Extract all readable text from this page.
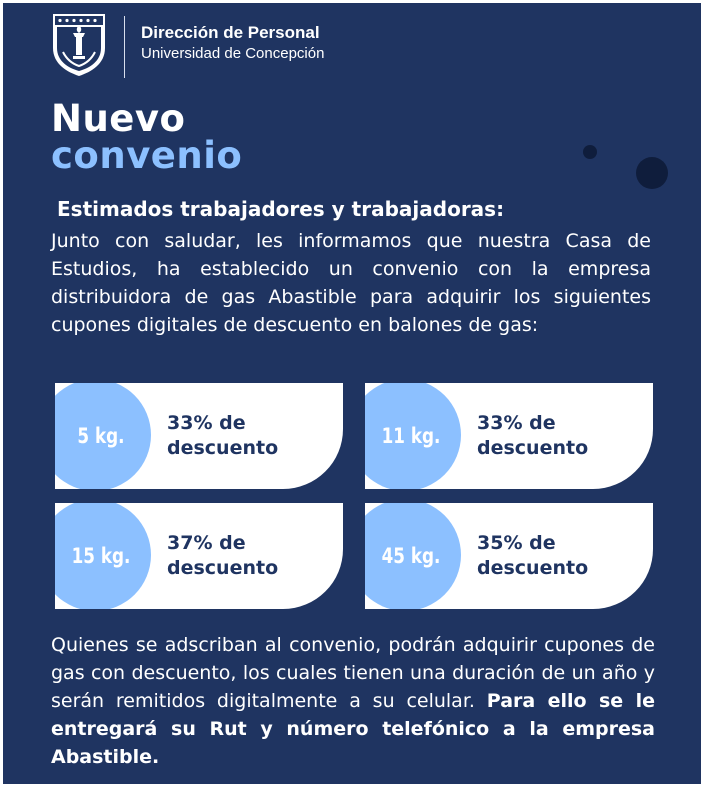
Dirección de Personal
Universidad de Concepción
Nuevo
convenio
Estimados trabajadores y trabajadoras:

Junto con saludar, les informamos que nuestra Casa de Estudios, ha establecido un convenio con la empresa distribuidora de gas Abastible para adquirir los siguientes cupones digitales de descuento en balones de gas:

5 kg.
33% de
descuento	11 kg.
33% de
descuento
15 kg.
37% de
descuento	45 kg.
35% de
descuento

Quienes se adscriban al convenio, podrán adquirir cupones de gas con descuento, los cuales tienen una duración de un año y serán remitidos digitalmente a su celular. Para ello se le entregará su Rut y número telefónico a la empresa Abastible.
